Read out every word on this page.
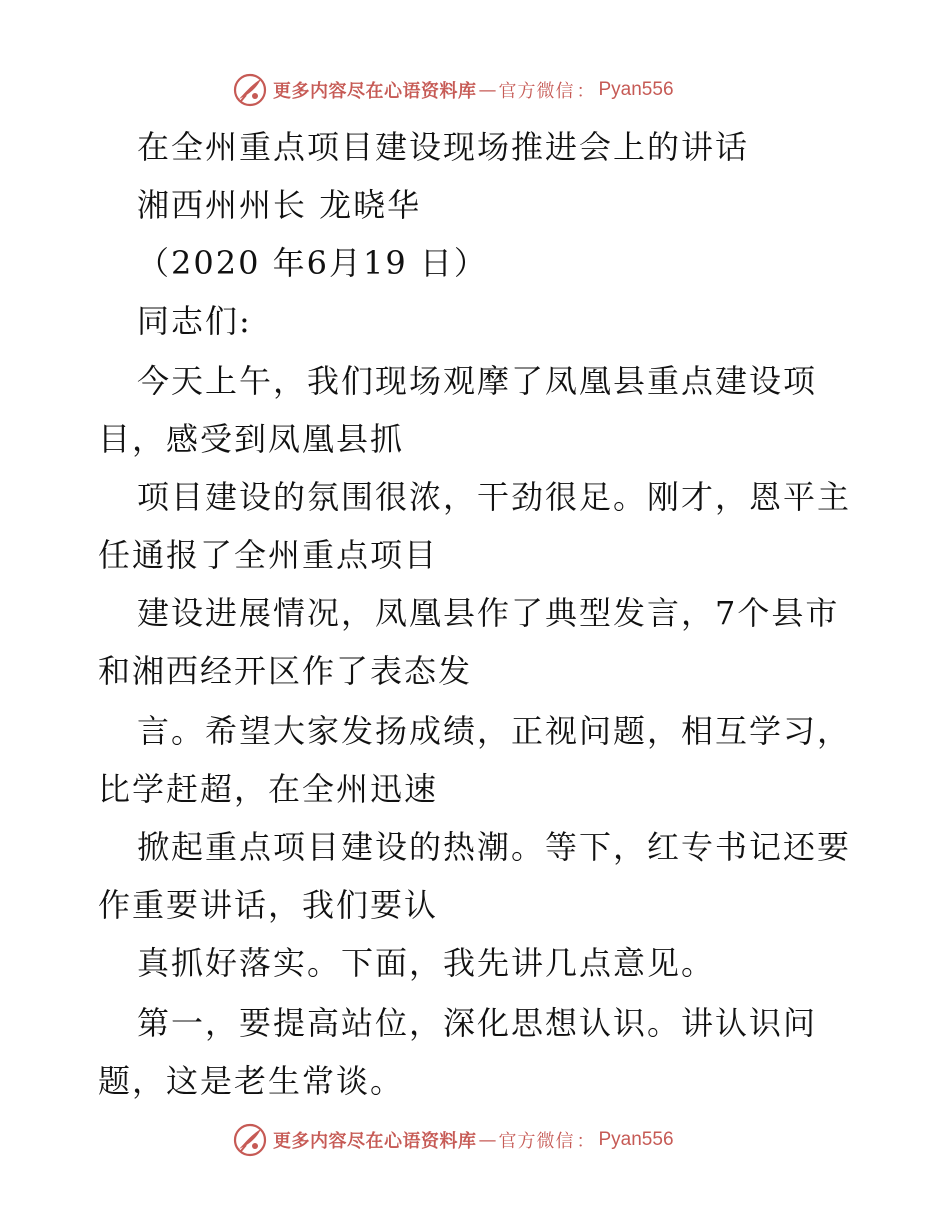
更多内容尽在心语资料库 — 官方微信 ： Pyan556
在全州重点项目建设现场推进会上的讲话
湘西州州长 龙晓华
（2020 年6月19 日）
同志们:
今天上午，我们现场观摩了凤凰县重点建设项
目，感受到凤凰县抓
项目建设的氛围很浓，干劲很足。刚才，恩平主
任通报了全州重点项目
建设进展情况，凤凰县作了典型发言，7个县市
和湘西经开区作了表态发
言。希望大家发扬成绩，正视问题，相互学习，
比学赶超，在全州迅速
掀起重点项目建设的热潮。等下，红专书记还要
作重要讲话，我们要认
真抓好落实。下面，我先讲几点意见。
第一，要提高站位，深化思想认识。讲认识问
题，这是老生常谈。
更多内容尽在心语资料库 — 官方微信 ： Pyan556
